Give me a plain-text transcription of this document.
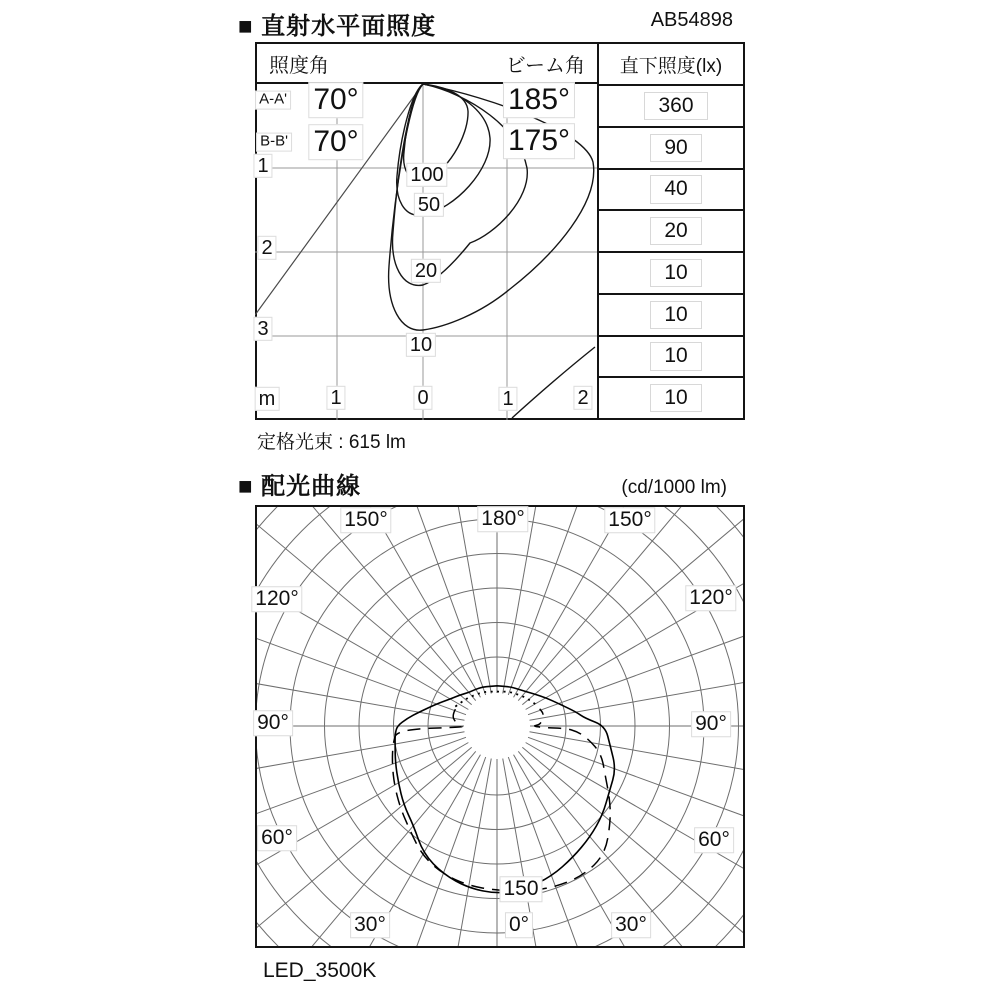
■ 直射水平面照度	AB54898
照度角	ビーム角	直下照度(lx)
360
90
40
20
10
10
10
10
A-A' 70°	185°
B-B' 70°	175°
100
50
20
10
1
2
3
m	1	0	1	2
定格光束 : 615 lm
■ 配光曲線	(cd/1000 lm)
180°
150°	150°
120°	120°
90°	90°
60°	60°
30°	0°	30°
150
LED_3500K
